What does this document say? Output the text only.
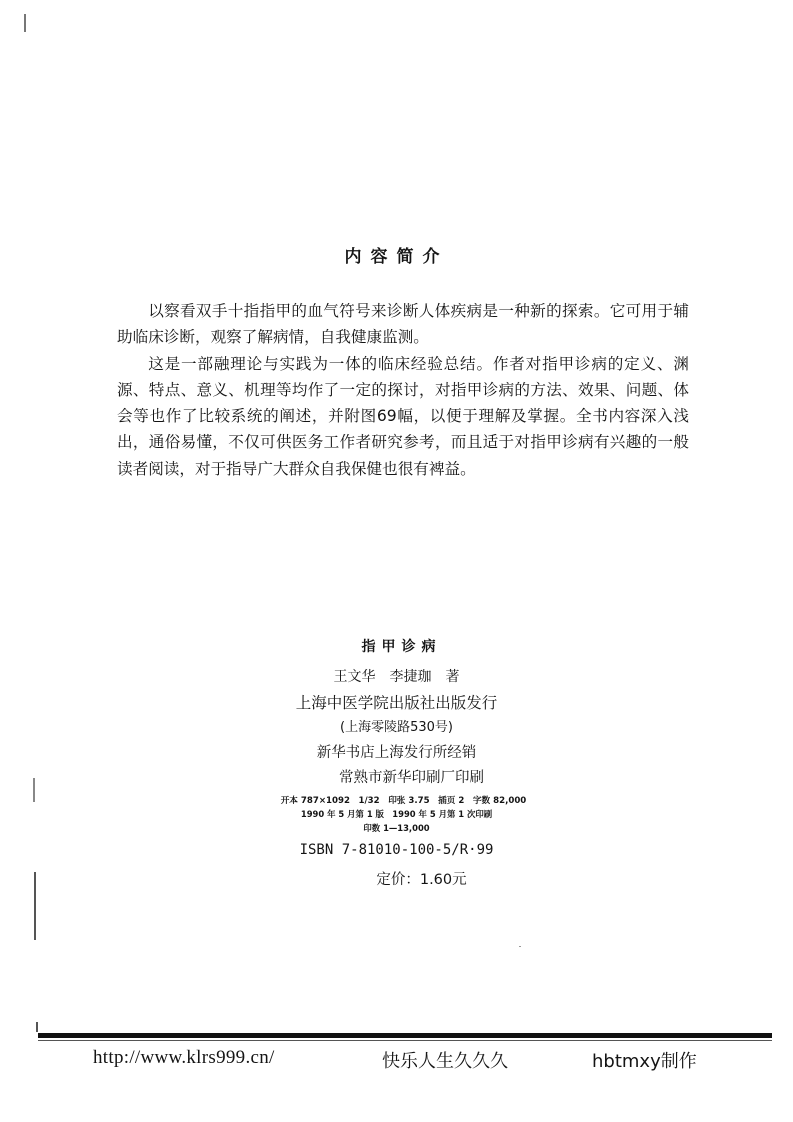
内容简介

以察看双手十指指甲的血气符号来诊断人体疾病是一种新的探索。它可用于辅助临床诊断，观察了解病情，自我健康监测。

这是一部融理论与实践为一体的临床经验总结。作者对指甲诊病的定义、渊源、特点、意义、机理等均作了一定的探讨，对指甲诊病的方法、效果、问题、体会等也作了比较系统的阐述，并附图69幅，以便于理解及掌握。全书内容深入浅出，通俗易懂，不仅可供医务工作者研究参考，而且适于对指甲诊病有兴趣的一般读者阅读，对于指导广大群众自我保健也很有裨益。

指甲诊病
王文华　李捷珈　著
上海中医学院出版社出版发行
(上海零陵路530号)
新华书店上海发行所经销
常熟市新华印刷厂印刷
开本 787×1092　1/32　印张 3.75　插页 2　字数 82,000
1990 年 5 月第 1 版　1990 年 5 月第 1 次印刷
印数 1—13,000
ISBN 7-81010-100-5/R·99
定价：1.60元
http://www.klrs999.cn/	快乐人生久久久	hbtmxy制作
